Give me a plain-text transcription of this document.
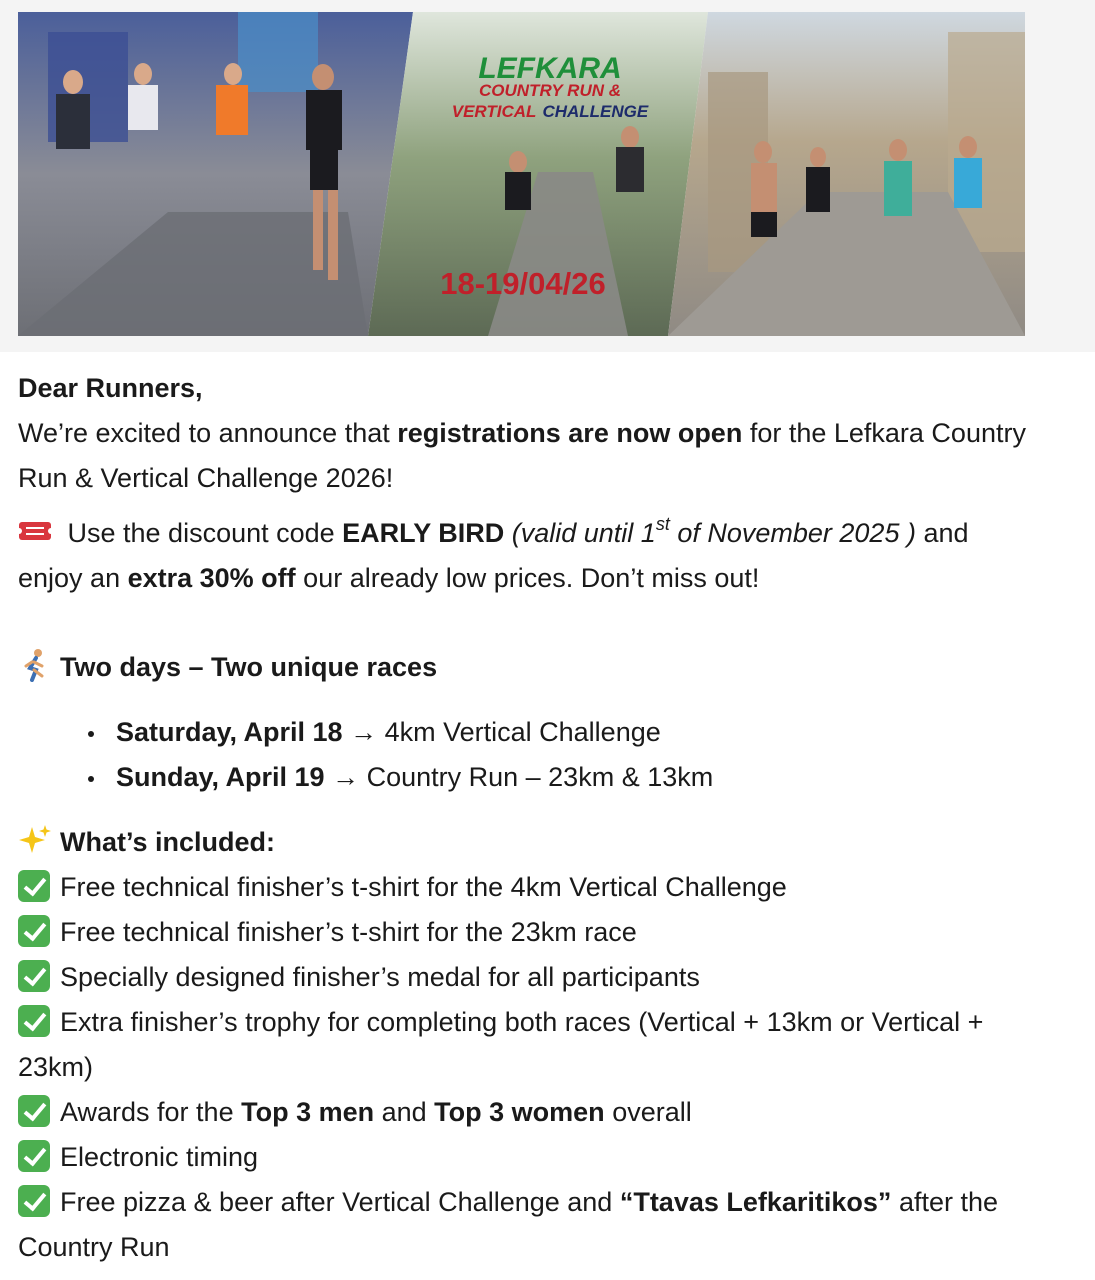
LEFKARA
COUNTRY RUN &
VERTICAL CHALLENGE
18-19/04/26

Dear Runners,

We’re excited to announce that registrations are now open for the Lefkara Country Run & Vertical Challenge 2026!

Use the discount code EARLY BIRD (valid until 1st of November 2025 ) and enjoy an extra 30% off our already low prices. Don’t miss out!

Two days – Two unique races

Saturday, April 18 → 4km Vertical Challenge
Sunday, April 19 → Country Run – 23km & 13km

What’s included:

Free technical finisher’s t-shirt for the 4km Vertical Challenge
Free technical finisher’s t-shirt for the 23km race
Specially designed finisher’s medal for all participants
Extra finisher’s trophy for completing both races (Vertical + 13km or Vertical + 23km)
Awards for the Top 3 men and Top 3 women overall
Electronic timing
Free pizza & beer after Vertical Challenge and “Ttavas Lefkaritikos” after the Country Run
